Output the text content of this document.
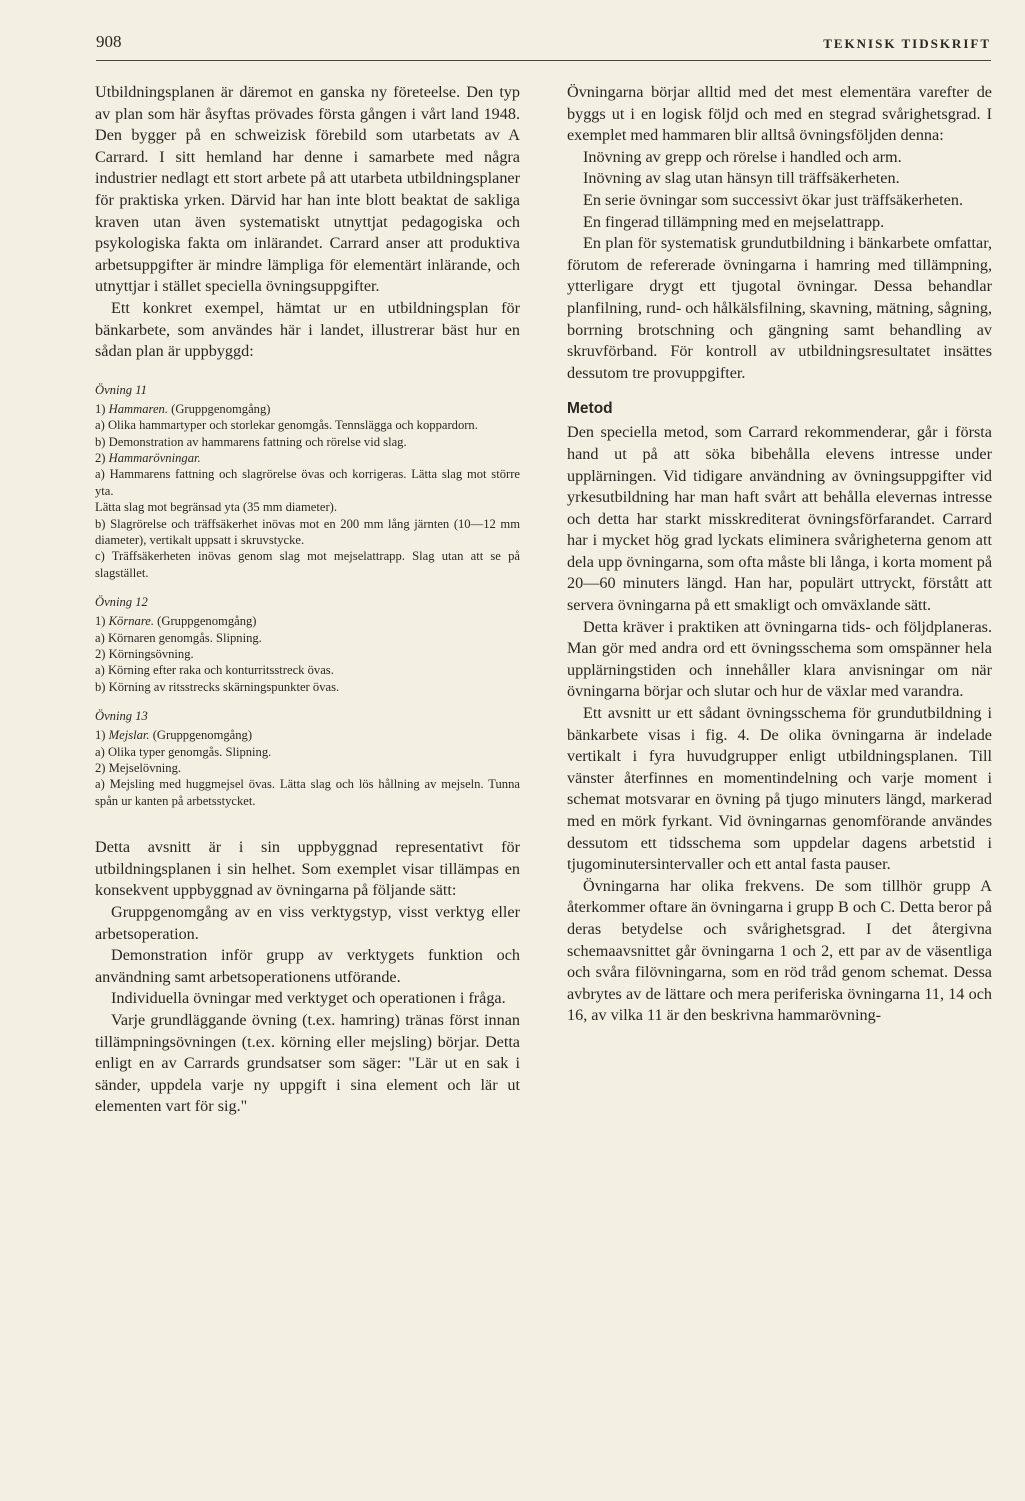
908	TEKNISK TIDSKRIFT

Utbildningsplanen är däremot en ganska ny företeelse. Den typ av plan som här åsyftas prövades första gången i vårt land 1948. Den bygger på en schweizisk förebild som utarbetats av A Carrard. I sitt hemland har denne i samarbete med några industrier nedlagt ett stort arbete på att utarbeta utbildningsplaner för praktiska yrken. Därvid har han inte blott beaktat de sakliga kraven utan även systematiskt utnyttjat pedagogiska och psykologiska fakta om inlärandet. Carrard anser att produktiva arbetsuppgifter är mindre lämpliga för elementärt inlärande, och utnyttjar i stället speciella övningsuppgifter.

Ett konkret exempel, hämtat ur en utbildningsplan för bänkarbete, som användes här i landet, illustrerar bäst hur en sådan plan är uppbyggd:

Övning 11

1) Hammaren. (Gruppgenomgång)

a) Olika hammartyper och storlekar genomgås. Tennslägga och koppardorn.

b) Demonstration av hammarens fattning och rörelse vid slag.

2) Hammarövningar.

a) Hammarens fattning och slagrörelse övas och korrigeras. Lätta slag mot större yta.

Lätta slag mot begränsad yta (35 mm diameter).

b) Slagrörelse och träffsäkerhet inövas mot en 200 mm lång järnten (10—12 mm diameter), vertikalt uppsatt i skruvstycke.

c) Träffsäkerheten inövas genom slag mot mejselattrapp. Slag utan att se på slagstället.

Övning 12

1) Körnare. (Gruppgenomgång)

a) Körnaren genomgås. Slipning.

2) Körningsövning.

a) Körning efter raka och konturritsstreck övas.

b) Körning av ritsstrecks skärningspunkter övas.

Övning 13

1) Mejslar. (Gruppgenomgång)

a) Olika typer genomgås. Slipning.

2) Mejselövning.

a) Mejsling med huggmejsel övas. Lätta slag och lös hållning av mejseln. Tunna spån ur kanten på arbetsstycket.

Detta avsnitt är i sin uppbyggnad representativt för utbildningsplanen i sin helhet. Som exemplet visar tillämpas en konsekvent uppbyggnad av övningarna på följande sätt:

Gruppgenomgång av en viss verktygstyp, visst verktyg eller arbetsoperation.

Demonstration inför grupp av verktygets funktion och användning samt arbetsoperationens utförande.

Individuella övningar med verktyget och operationen i fråga.

Varje grundläggande övning (t.ex. hamring) tränas först innan tillämpningsövningen (t.ex. körning eller mejsling) börjar. Detta enligt en av Carrards grundsatser som säger: "Lär ut en sak i sänder, uppdela varje ny uppgift i sina element och lär ut elementen vart för sig."

Övningarna börjar alltid med det mest elementära varefter de byggs ut i en logisk följd och med en stegrad svårighetsgrad. I exemplet med hammaren blir alltså övningsföljden denna:

Inövning av grepp och rörelse i handled och arm.

Inövning av slag utan hänsyn till träffsäkerheten.

En serie övningar som successivt ökar just träffsäkerheten.

En fingerad tillämpning med en mejselattrapp.

En plan för systematisk grundutbildning i bänkarbete omfattar, förutom de refererade övningarna i hamring med tillämpning, ytterligare drygt ett tjugotal övningar. Dessa behandlar planfilning, rund- och hålkälsfilning, skavning, mätning, sågning, borrning brotschning och gängning samt behandling av skruvförband. För kontroll av utbildningsresultatet insättes dessutom tre provuppgifter.

Metod

Den speciella metod, som Carrard rekommenderar, går i första hand ut på att söka bibehålla elevens intresse under upplärningen. Vid tidigare användning av övningsuppgifter vid yrkesutbildning har man haft svårt att behålla elevernas intresse och detta har starkt misskrediterat övningsförfarandet. Carrard har i mycket hög grad lyckats eliminera svårigheterna genom att dela upp övningarna, som ofta måste bli långa, i korta moment på 20—60 minuters längd. Han har, populärt uttryckt, förstått att servera övningarna på ett smakligt och omväxlande sätt.

Detta kräver i praktiken att övningarna tids- och följdplaneras. Man gör med andra ord ett övningsschema som omspänner hela upplärningstiden och innehåller klara anvisningar om när övningarna börjar och slutar och hur de växlar med varandra.

Ett avsnitt ur ett sådant övningsschema för grundutbildning i bänkarbete visas i fig. 4. De olika övningarna är indelade vertikalt i fyra huvudgrupper enligt utbildningsplanen. Till vänster återfinnes en momentindelning och varje moment i schemat motsvarar en övning på tjugo minuters längd, markerad med en mörk fyrkant. Vid övningarnas genomförande användes dessutom ett tidsschema som uppdelar dagens arbetstid i tjugominutersintervaller och ett antal fasta pauser.

Övningarna har olika frekvens. De som tillhör grupp A återkommer oftare än övningarna i grupp B och C. Detta beror på deras betydelse och svårighetsgrad. I det återgivna schemaavsnittet går övningarna 1 och 2, ett par av de väsentliga och svåra filövningarna, som en röd tråd genom schemat. Dessa avbrytes av de lättare och mera periferiska övningarna 11, 14 och 16, av vilka 11 är den beskrivna hammarövning-
